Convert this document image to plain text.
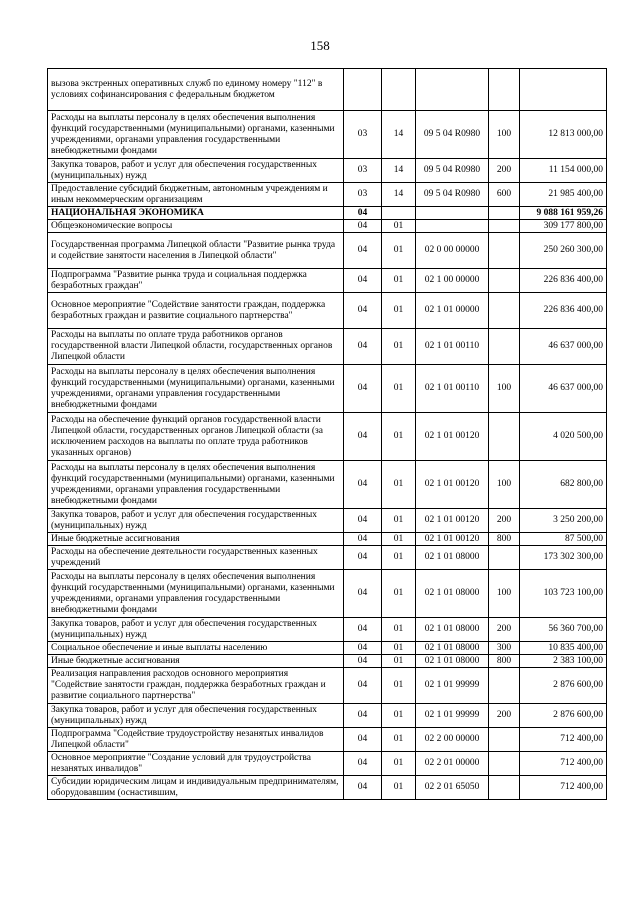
158
вызова экстренных оперативных служб по единому номеру "112" в условиях софинансирования с федеральным бюджетом					
Расходы на выплаты персоналу в целях обеспечения выполнения функций государственными (муниципальными) органами, казенными учреждениями, органами управления государственными внебюджетными фондами	03	14	09 5 04 R0980	100	12 813 000,00
Закупка товаров, работ и услуг для обеспечения государственных (муниципальных) нужд	03	14	09 5 04 R0980	200	11 154 000,00
Предоставление субсидий бюджетным, автономным учреждениям и иным некоммерческим организациям	03	14	09 5 04 R0980	600	21 985 400,00
НАЦИОНАЛЬНАЯ ЭКОНОМИКА	04				9 088 161 959,26
Общеэкономические вопросы	04	01			309 177 800,00
Государственная программа Липецкой области "Развитие рынка труда и содействие занятости населения в Липецкой области"	04	01	02 0 00 00000		250 260 300,00
Подпрограмма "Развитие рынка труда и социальная поддержка безработных граждан"	04	01	02 1 00 00000		226 836 400,00
Основное мероприятие "Содействие занятости граждан, поддержка безработных граждан и развитие социального партнерства"	04	01	02 1 01 00000		226 836 400,00
Расходы на выплаты по оплате труда работников органов государственной власти Липецкой области, государственных органов Липецкой области	04	01	02 1 01 00110		46 637 000,00
Расходы на выплаты персоналу в целях обеспечения выполнения функций государственными (муниципальными) органами, казенными учреждениями, органами управления государственными внебюджетными фондами	04	01	02 1 01 00110	100	46 637 000,00
Расходы на обеспечение функций органов государственной власти Липецкой области, государственных органов Липецкой области (за исключением расходов на выплаты по оплате труда работников указанных органов)	04	01	02 1 01 00120		4 020 500,00
Расходы на выплаты персоналу в целях обеспечения выполнения функций государственными (муниципальными) органами, казенными учреждениями, органами управления государственными внебюджетными фондами	04	01	02 1 01 00120	100	682 800,00
Закупка товаров, работ и услуг для обеспечения государственных (муниципальных) нужд	04	01	02 1 01 00120	200	3 250 200,00
Иные бюджетные ассигнования	04	01	02 1 01 00120	800	87 500,00
Расходы на обеспечение деятельности государственных казенных учреждений	04	01	02 1 01 08000		173 302 300,00
Расходы на выплаты персоналу в целях обеспечения выполнения функций государственными (муниципальными) органами, казенными учреждениями, органами управления государственными внебюджетными фондами	04	01	02 1 01 08000	100	103 723 100,00
Закупка товаров, работ и услуг для обеспечения государственных (муниципальных) нужд	04	01	02 1 01 08000	200	56 360 700,00
Социальное обеспечение и иные выплаты населению	04	01	02 1 01 08000	300	10 835 400,00
Иные бюджетные ассигнования	04	01	02 1 01 08000	800	2 383 100,00
Реализация направления расходов основного мероприятия "Содействие занятости граждан, поддержка безработных граждан и развитие социального партнерства"	04	01	02 1 01 99999		2 876 600,00
Закупка товаров, работ и услуг для обеспечения государственных (муниципальных) нужд	04	01	02 1 01 99999	200	2 876 600,00
Подпрограмма "Содействие трудоустройству незанятых инвалидов Липецкой области"	04	01	02 2 00 00000		712 400,00
Основное мероприятие "Создание условий для трудоустройства незанятых инвалидов"	04	01	02 2 01 00000		712 400,00
Субсидии юридическим лицам и индивидуальным предпринимателям, оборудовавшим (оснастившим,	04	01	02 2 01 65050		712 400,00
